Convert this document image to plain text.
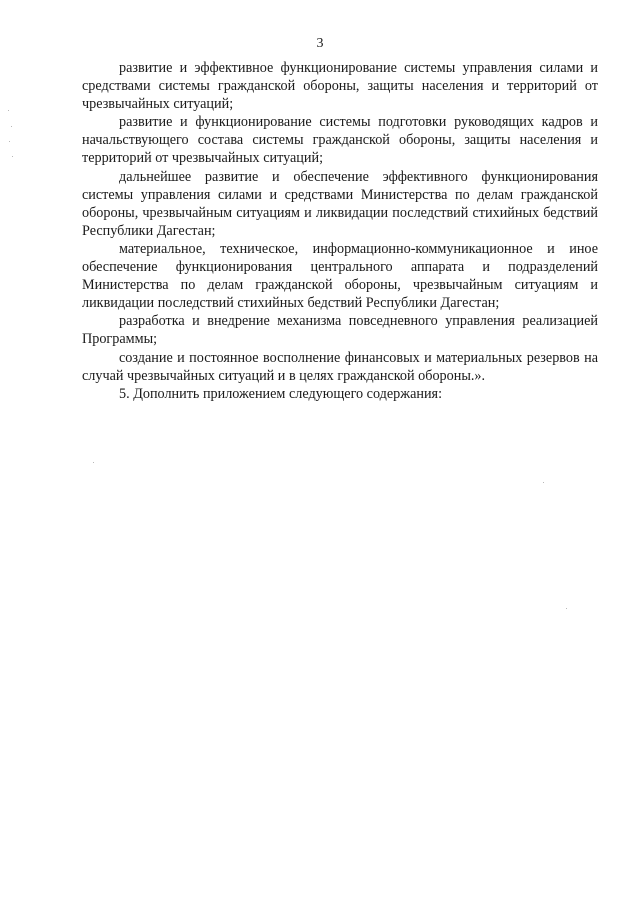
3

развитие и эффективное функционирование системы управления силами и средствами системы гражданской обороны, защиты населения и территорий от чрезвычайных ситуаций;

развитие и функционирование системы подготовки руководящих кадров и начальствующего состава системы гражданской обороны, защиты населения и территорий от чрезвычайных ситуаций;

дальнейшее развитие и обеспечение эффективного функционирования системы управления силами и средствами Министерства по делам гражданской обороны, чрезвычайным ситуациям и ликвидации последствий стихийных бедствий Республики Дагестан;

материальное, техническое, информационно-коммуникационное и иное обеспечение функционирования центрального аппарата и подразделений Министерства по делам гражданской обороны, чрезвычайным ситуациям и ликвидации последствий стихийных бедствий Республики Дагестан;

разработка и внедрение механизма повседневного управления реализацией Программы;

создание и постоянное восполнение финансовых и материальных резервов на случай чрезвычайных ситуаций и в целях гражданской обороны.».

5. Дополнить приложением следующего содержания:
